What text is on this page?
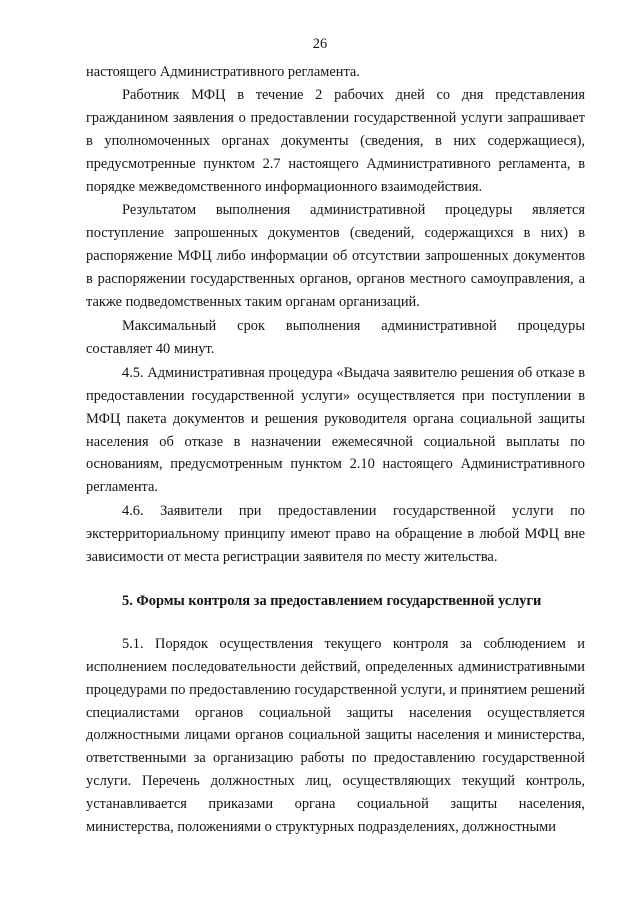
26

настоящего Административного регламента.

Работник МФЦ в течение 2 рабочих дней со дня представления гражданином заявления о предоставлении государственной услуги запрашивает в уполномоченных органах документы (сведения, в них содержащиеся), предусмотренные пунктом 2.7 настоящего Административного регламента, в порядке межведомственного информационного взаимодействия.

Результатом выполнения административной процедуры является поступление запрошенных документов (сведений, содержащихся в них) в распоряжение МФЦ либо информации об отсутствии запрошенных документов в распоряжении государственных органов, органов местного самоуправления, а также подведомственных таким органам организаций.

Максимальный срок выполнения административной процедуры составляет 40 минут.

4.5. Административная процедура «Выдача заявителю решения об отказе в предоставлении государственной услуги» осуществляется при поступлении в МФЦ пакета документов и решения руководителя органа социальной защиты населения об отказе в назначении ежемесячной социальной выплаты по основаниям, предусмотренным пунктом 2.10 настоящего Административного регламента.

4.6. Заявители при предоставлении государственной услуги по экстерриториальному принципу имеют право на обращение в любой МФЦ вне зависимости от места регистрации заявителя по месту жительства.

5. Формы контроля за предоставлением государственной услуги

5.1. Порядок осуществления текущего контроля за соблюдением и исполнением последовательности действий, определенных административными процедурами по предоставлению государственной услуги, и принятием решений специалистами органов социальной защиты населения осуществляется должностными лицами органов социальной защиты населения и министерства, ответственными за организацию работы по предоставлению государственной услуги. Перечень должностных лиц, осуществляющих текущий контроль, устанавливается приказами органа социальной защиты населения, министерства, положениями о структурных подразделениях, должностными
